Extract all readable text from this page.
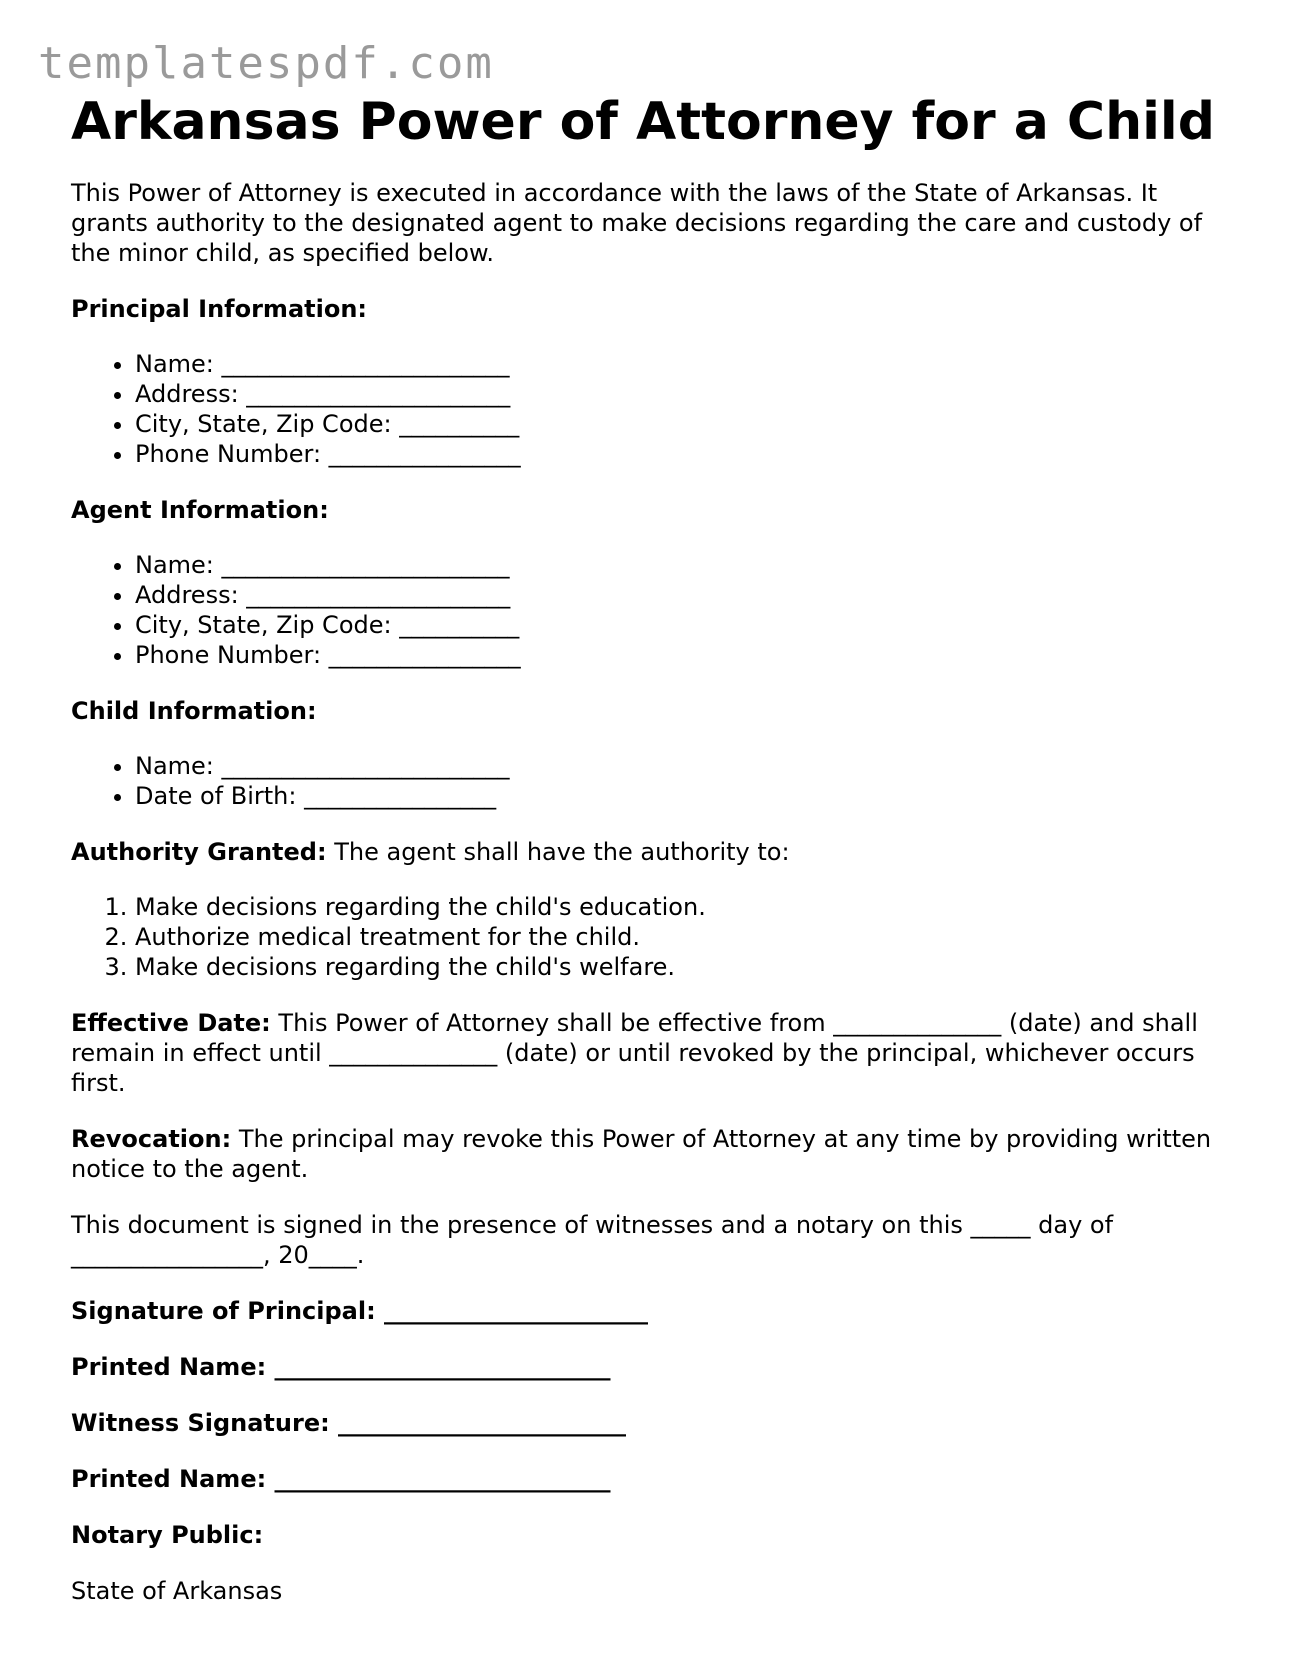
templatespdf.com
Arkansas Power of Attorney for a Child

This Power of Attorney is executed in accordance with the laws of the State of Arkansas. It grants authority to the designated agent to make decisions regarding the care and custody of the minor child, as specified below.

Principal Information:

• Name: ________________________
• Address: ______________________
• City, State, Zip Code: __________
• Phone Number: ________________

Agent Information:

• Name: ________________________
• Address: ______________________
• City, State, Zip Code: __________
• Phone Number: ________________

Child Information:

• Name: ________________________
• Date of Birth: ________________

Authority Granted: The agent shall have the authority to:

1. Make decisions regarding the child's education.
2. Authorize medical treatment for the child.
3. Make decisions regarding the child's welfare.

Effective Date: This Power of Attorney shall be effective from ______________ (date) and shall remain in effect until ______________ (date) or until revoked by the principal, whichever occurs first.

Revocation: The principal may revoke this Power of Attorney at any time by providing written notice to the agent.

This document is signed in the presence of witnesses and a notary on this _____ day of ________________, 20____.

Signature of Principal: ______________________

Printed Name: ____________________________

Witness Signature: ________________________

Printed Name: ____________________________

Notary Public:

State of Arkansas
